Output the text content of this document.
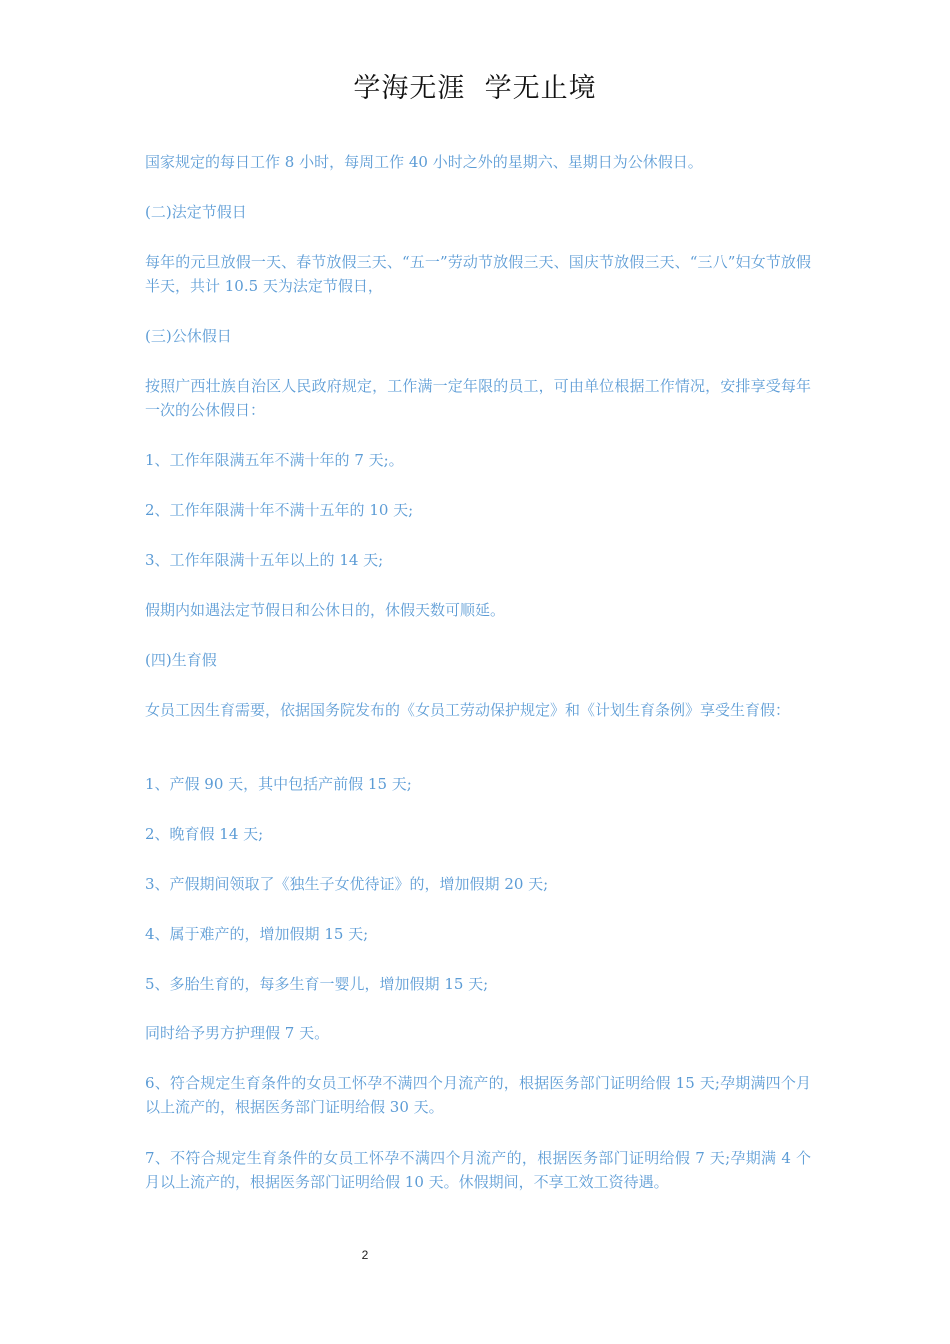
学海无涯  学无止境

国家规定的每日工作 8 小时，每周工作 40 小时之外的星期六、星期日为公休假日。

(二)法定节假日

每年的元旦放假一天、春节放假三天、“五一”劳动节放假三天、国庆节放假三天、“三八”妇女节放假半天，共计 10.5 天为法定节假日，

(三)公休假日

按照广西壮族自治区人民政府规定，工作满一定年限的员工，可由单位根据工作情况，安排享受每年一次的公休假日：

1、工作年限满五年不满十年的 7 天;。

2、工作年限满十年不满十五年的 10 天;

3、工作年限满十五年以上的 14 天;

假期内如遇法定节假日和公休日的，休假天数可顺延。

(四)生育假

女员工因生育需要，依据国务院发布的《女员工劳动保护规定》和《计划生育条例》享受生育假：

1、产假 90 天，其中包括产前假 15 天;

2、晚育假 14 天;

3、产假期间领取了《独生子女优待证》的，增加假期 20 天;

4、属于难产的，增加假期 15 天;

5、多胎生育的，每多生育一婴儿，增加假期 15 天;

同时给予男方护理假 7 天。

6、符合规定生育条件的女员工怀孕不满四个月流产的，根据医务部门证明给假 15 天;孕期满四个月以上流产的，根据医务部门证明给假 30 天。

7、不符合规定生育条件的女员工怀孕不满四个月流产的，根据医务部门证明给假 7 天;孕期满 4 个月以上流产的，根据医务部门证明给假 10 天。休假期间，不享工效工资待遇。

2
